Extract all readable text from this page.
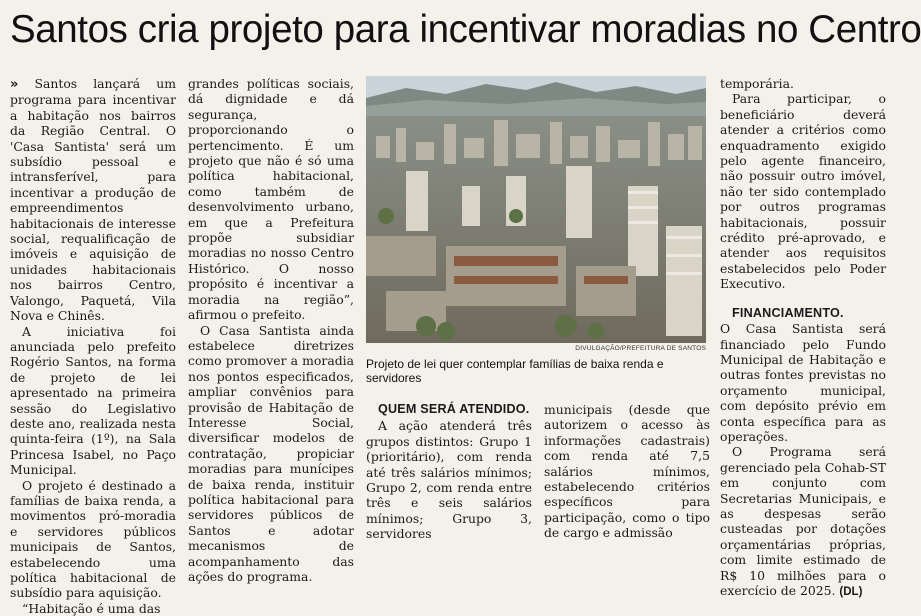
Santos cria projeto para incentivar moradias no Centro

» Santos lançará um programa para incentivar a habitação nos bairros da Região Central. O 'Casa Santista' será um subsídio pessoal e intransferível, para incentivar a produção de empreendimentos habitacionais de interesse social, requalificação de imóveis e aquisição de unidades habitacionais nos bairros Centro, Valongo, Paquetá, Vila Nova e Chinês.

A iniciativa foi anunciada pelo prefeito Rogério Santos, na forma de projeto de lei apresentado na primeira sessão do Legislativo deste ano, realizada nesta quinta-feira (1º), na Sala Princesa Isabel, no Paço Municipal.

O projeto é destinado a famílias de baixa renda, a movimentos pró-moradia e servidores públicos municipais de Santos, estabelecendo uma política habitacional de subsídio para aquisição.

“Habitação é uma das

grandes políticas sociais, dá dignidade e dá segurança, proporcionando o pertencimento. É um projeto que não é só uma política habitacional, como também de desenvolvimento urbano, em que a Prefeitura propõe subsidiar moradias no nosso Centro Histórico. O nosso propósito é incentivar a moradia na região”, afirmou o prefeito.

O Casa Santista ainda estabelece diretrizes como promover a moradia nos pontos especificados, ampliar convênios para provisão de Habitação de Interesse Social, diversificar modelos de contratação, propiciar moradias para munícipes de baixa renda, instituir política habitacional para servidores públicos de Santos e adotar mecanismos de acompanhamento das ações do programa.

DIVULGAÇÃO/PREFEITURA DE SANTOS
Projeto de lei quer contemplar famílias de baixa renda e servidores

QUEM SERÁ ATENDIDO.

A ação atenderá três grupos distintos: Grupo 1 (prioritário), com renda até três salários mínimos; Grupo 2, com renda entre três e seis salários mínimos; Grupo 3, servidores

municipais (desde que autorizem o acesso às informações cadastrais) com renda até 7,5 salários mínimos, estabelecendo critérios específicos para participação, como o tipo de cargo e admissão

temporária.

Para participar, o beneficiário deverá atender a critérios como enquadramento exigido pelo agente financeiro, não possuir outro imóvel, não ter sido contemplado por outros programas habitacionais, possuir crédito pré-aprovado, e atender aos requisitos estabelecidos pelo Poder Executivo.

FINANCIAMENTO.

O Casa Santista será financiado pelo Fundo Municipal de Habitação e outras fontes previstas no orçamento municipal, com depósito prévio em conta específica para as operações.

O Programa será gerenciado pela Cohab-ST em conjunto com Secretarias Municipais, e as despesas serão custeadas por dotações orçamentárias próprias, com limite estimado de R$ 10 milhões para o exercício de 2025. (DL)
